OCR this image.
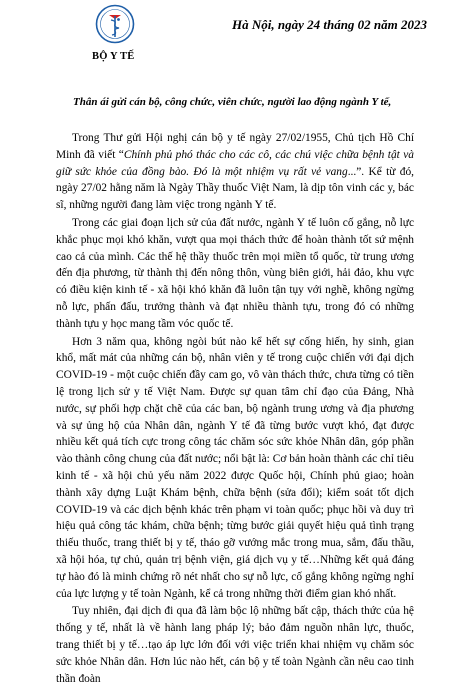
BỘ Y TẾ
Hà Nội, ngày 24 tháng 02 năm 2023
Thân ái gửi cán bộ, công chức, viên chức, người lao động ngành Y tế,

Trong Thư gửi Hội nghị cán bộ y tế ngày 27/02/1955, Chủ tịch Hồ Chí Minh đã viết “Chính phủ phó thác cho các cô, các chú việc chữa bệnh tật và giữ sức khỏe của đồng bào. Đó là một nhiệm vụ rất vẻ vang...”. Kể từ đó, ngày 27/02 hằng năm là Ngày Thầy thuốc Việt Nam, là dịp tôn vinh các y, bác sĩ, những người đang làm việc trong ngành Y tế.

Trong các giai đoạn lịch sử của đất nước, ngành Y tế luôn cố gắng, nỗ lực khắc phục mọi khó khăn, vượt qua mọi thách thức để hoàn thành tốt sứ mệnh cao cả của mình. Các thế hệ thầy thuốc trên mọi miền tổ quốc, từ trung ương đến địa phương, từ thành thị đến nông thôn, vùng biên giới, hải đảo, khu vực có điều kiện kinh tế - xã hội khó khăn đã luôn tận tụy với nghề, không ngừng nỗ lực, phấn đấu, trưởng thành và đạt nhiều thành tựu, trong đó có những thành tựu y học mang tầm vóc quốc tế.

Hơn 3 năm qua, không ngòi bút nào kể hết sự cống hiến, hy sinh, gian khổ, mất mát của những cán bộ, nhân viên y tế trong cuộc chiến với đại dịch COVID-19 - một cuộc chiến đầy cam go, vô vàn thách thức, chưa từng có tiền lệ trong lịch sử y tế Việt Nam. Được sự quan tâm chỉ đạo của Đảng, Nhà nước, sự phối hợp chặt chẽ của các ban, bộ ngành trung ương và địa phương và sự ủng hộ của Nhân dân, ngành Y tế đã từng bước vượt khó, đạt được nhiều kết quả tích cực trong công tác chăm sóc sức khỏe Nhân dân, góp phần vào thành công chung của đất nước; nổi bật là: Cơ bản hoàn thành các chỉ tiêu kinh tế - xã hội chủ yếu năm 2022 được Quốc hội, Chính phủ giao; hoàn thành xây dựng Luật Khám bệnh, chữa bệnh (sửa đổi); kiểm soát tốt dịch COVID-19 và các dịch bệnh khác trên phạm vi toàn quốc; phục hồi và duy trì hiệu quả công tác khám, chữa bệnh; từng bước giải quyết hiệu quả tình trạng thiếu thuốc, trang thiết bị y tế, tháo gỡ vướng mắc trong mua, sắm, đấu thầu, xã hội hóa, tự chủ, quản trị bệnh viện, giá dịch vụ y tế…Những kết quả đáng tự hào đó là minh chứng rõ nét nhất cho sự nỗ lực, cố gắng không ngừng nghỉ của lực lượng y tế toàn Ngành, kể cả trong những thời điểm gian khó nhất.

Tuy nhiên, đại dịch đi qua đã làm bộc lộ những bất cập, thách thức của hệ thống y tế, nhất là về hành lang pháp lý; bảo đảm nguồn nhân lực, thuốc, trang thiết bị y tế…tạo áp lực lớn đối với việc triển khai nhiệm vụ chăm sóc sức khỏe Nhân dân. Hơn lúc nào hết, cán bộ y tế toàn Ngành cần nêu cao tinh thần đoàn
